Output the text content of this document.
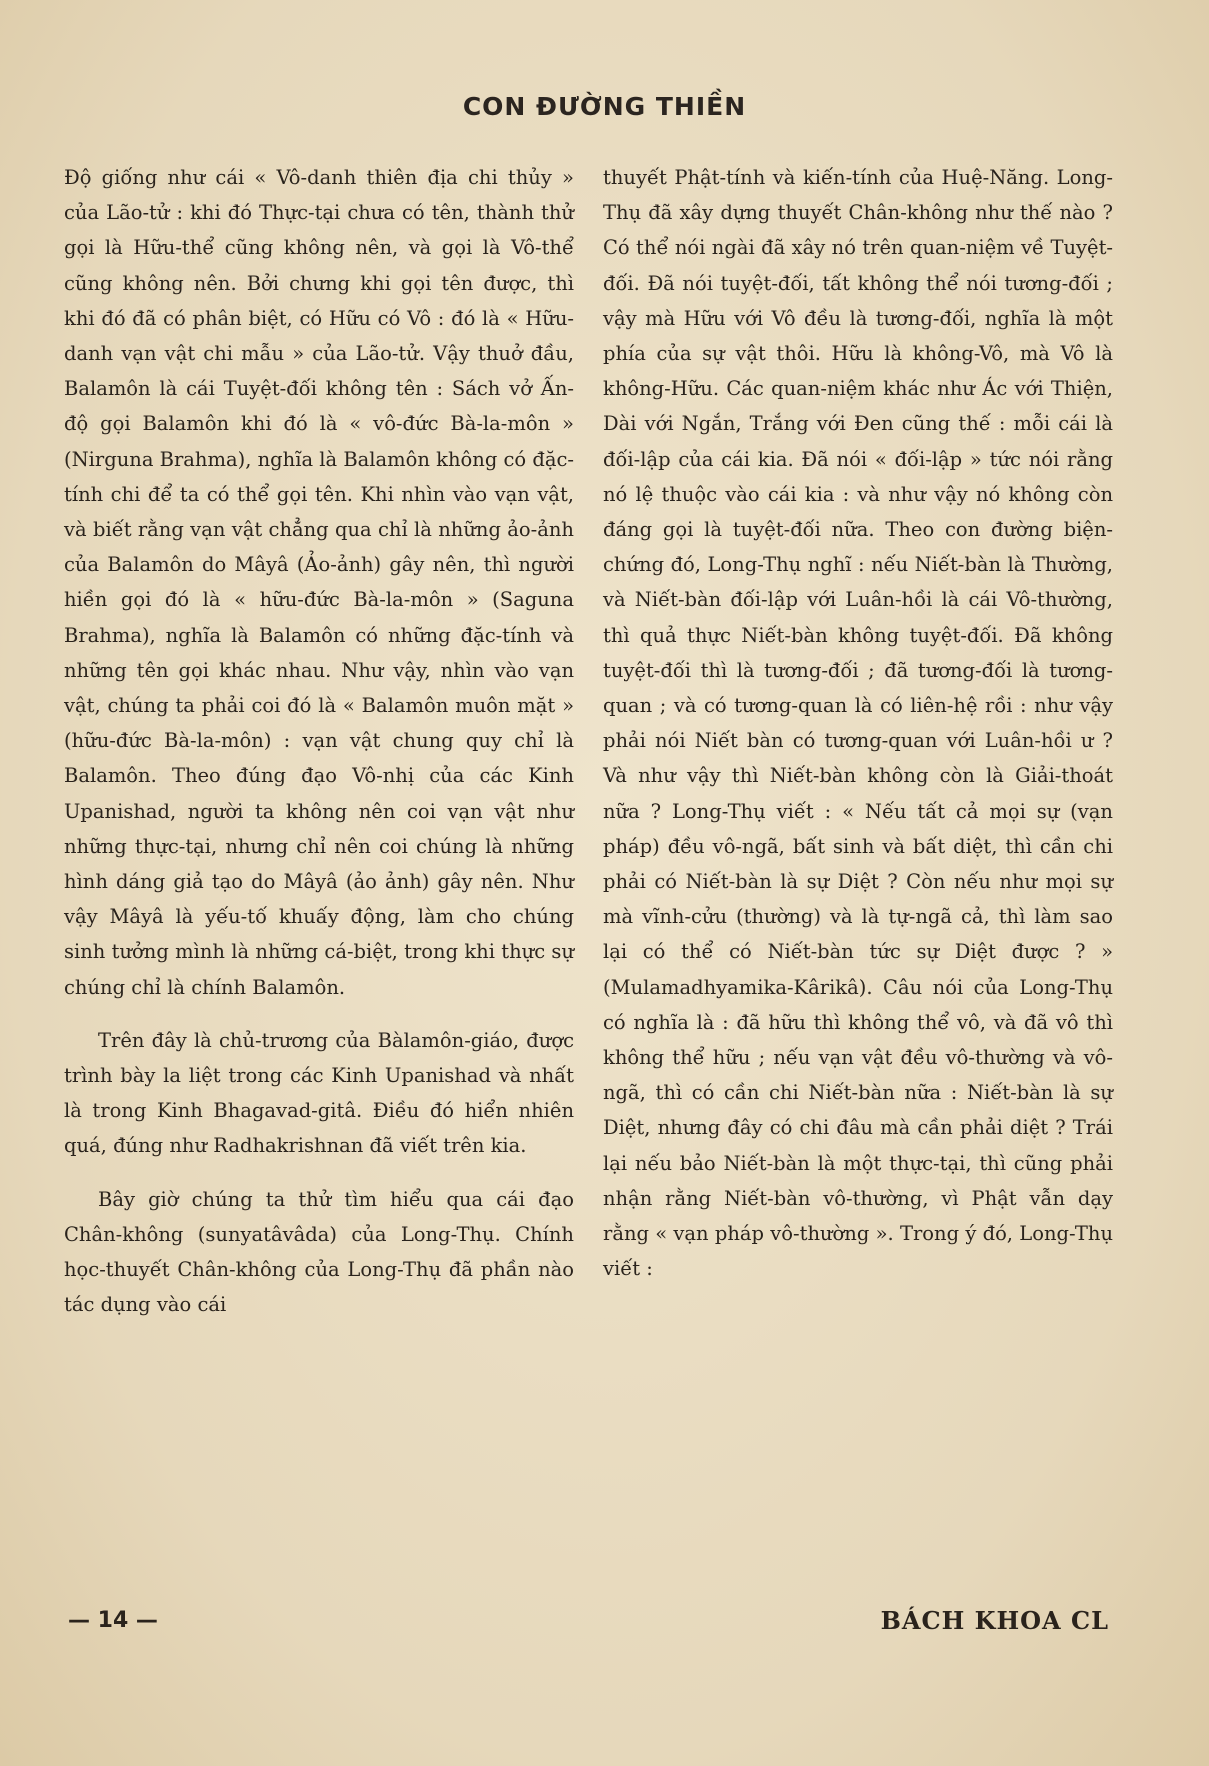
CON ĐƯỜNG THIỀN

Độ giống như cái « Vô-danh thiên địa chi thủy » của Lão-tử : khi đó Thực-tại chưa có tên, thành thử gọi là Hữu-thể cũng không nên, và gọi là Vô-thể cũng không nên. Bởi chưng khi gọi tên được, thì khi đó đã có phân biệt, có Hữu có Vô : đó là « Hữu-danh vạn vật chi mẫu » của Lão-tử. Vậy thuở đầu, Balamôn là cái Tuyệt-đối không tên : Sách vở Ấn-độ gọi Balamôn khi đó là « vô-đức Bà-la-môn » (Nirguna Brahma), nghĩa là Balamôn không có đặc-tính chi để ta có thể gọi tên. Khi nhìn vào vạn vật, và biết rằng vạn vật chẳng qua chỉ là những ảo-ảnh của Balamôn do Mâyâ (Ảo-ảnh) gây nên, thì người hiền gọi đó là « hữu-đức Bà-la-môn » (Saguna Brahma), nghĩa là Balamôn có những đặc-tính và những tên gọi khác nhau. Như vậy, nhìn vào vạn vật, chúng ta phải coi đó là « Balamôn muôn mặt » (hữu-đức Bà-la-môn) : vạn vật chung quy chỉ là Balamôn. Theo đúng đạo Vô-nhị của các Kinh Upanishad, người ta không nên coi vạn vật như những thực-tại, nhưng chỉ nên coi chúng là những hình dáng giả tạo do Mâyâ (ảo ảnh) gây nên. Như vậy Mâyâ là yếu-tố khuấy động, làm cho chúng sinh tưởng mình là những cá-biệt, trong khi thực sự chúng chỉ là chính Balamôn.

Trên đây là chủ-trương của Bàlamôn-giáo, được trình bày la liệt trong các Kinh Upanishad và nhất là trong Kinh Bhagavad-gitâ. Điều đó hiển nhiên quá, đúng như Radhakrishnan đã viết trên kia.

Bây giờ chúng ta thử tìm hiểu qua cái đạo Chân-không (sunyatâvâda) của Long-Thụ. Chính học-thuyết Chân-không của Long-Thụ đã phần nào tác dụng vào cái

thuyết Phật-tính và kiến-tính của Huệ-Năng. Long-Thụ đã xây dựng thuyết Chân-không như thế nào ? Có thể nói ngài đã xây nó trên quan-niệm về Tuyệt-đối. Đã nói tuyệt-đối, tất không thể nói tương-đối ; vậy mà Hữu với Vô đều là tương-đối, nghĩa là một phía của sự vật thôi. Hữu là không-Vô, mà Vô là không-Hữu. Các quan-niệm khác như Ác với Thiện, Dài với Ngắn, Trắng với Đen cũng thế : mỗi cái là đối-lập của cái kia. Đã nói « đối-lập » tức nói rằng nó lệ thuộc vào cái kia : và như vậy nó không còn đáng gọi là tuyệt-đối nữa. Theo con đường biện-chứng đó, Long-Thụ nghĩ : nếu Niết-bàn là Thường, và Niết-bàn đối-lập với Luân-hồi là cái Vô-thường, thì quả thực Niết-bàn không tuyệt-đối. Đã không tuyệt-đối thì là tương-đối ; đã tương-đối là tương-quan ; và có tương-quan là có liên-hệ rồi : như vậy phải nói Niết bàn có tương-quan với Luân-hồi ư ? Và như vậy thì Niết-bàn không còn là Giải-thoát nữa ? Long-Thụ viết : « Nếu tất cả mọi sự (vạn pháp) đều vô-ngã, bất sinh và bất diệt, thì cần chi phải có Niết-bàn là sự Diệt ? Còn nếu như mọi sự mà vĩnh-cửu (thường) và là tự-ngã cả, thì làm sao lại có thể có Niết-bàn tức sự Diệt được ? » (Mulamadhyamika-Kârikâ). Câu nói của Long-Thụ có nghĩa là : đã hữu thì không thể vô, và đã vô thì không thể hữu ; nếu vạn vật đều vô-thường và vô-ngã, thì có cần chi Niết-bàn nữa : Niết-bàn là sự Diệt, nhưng đây có chi đâu mà cần phải diệt ? Trái lại nếu bảo Niết-bàn là một thực-tại, thì cũng phải nhận rằng Niết-bàn vô-thường, vì Phật vẫn dạy rằng « vạn pháp vô-thường ». Trong ý đó, Long-Thụ viết :

— 14 —	BÁCH KHOA CL
